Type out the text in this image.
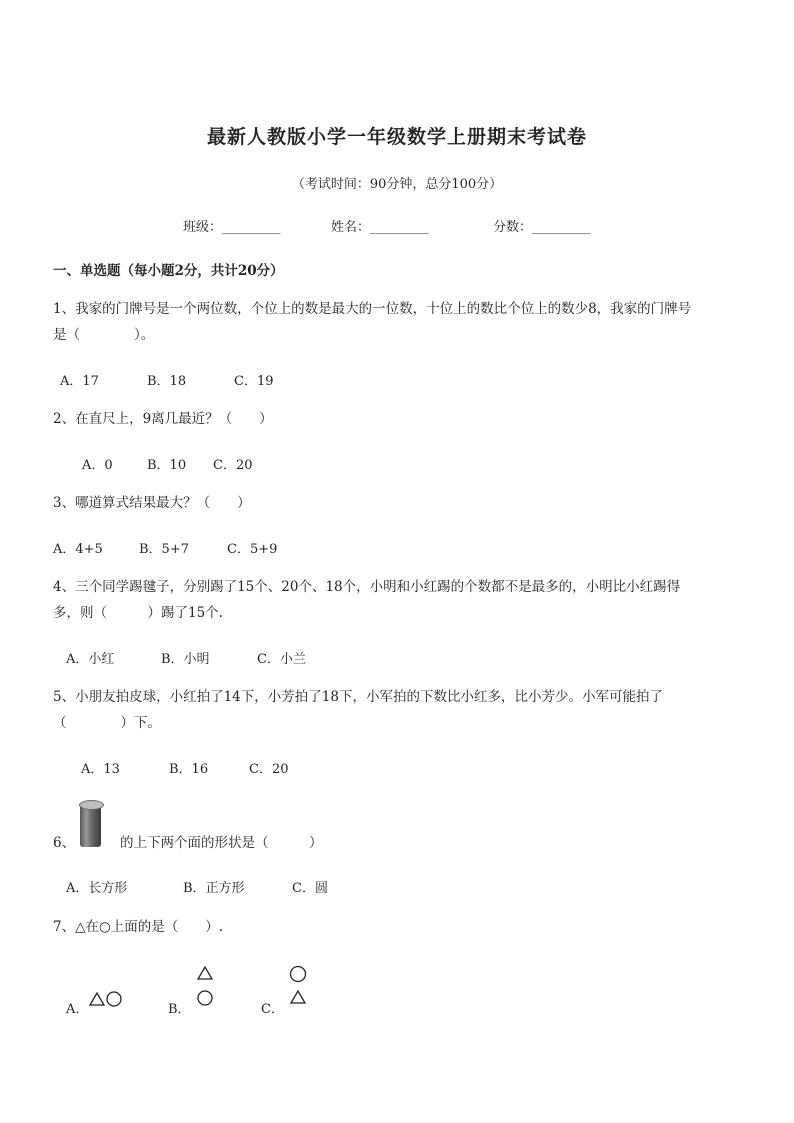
最新人教版小学一年级数学上册期末考试卷
（考试时间：90分钟，总分100分）
班级：_________	姓名：_________	分数：_________
一、单选题（每小题2分，共计20分）
1、我家的门牌号是一个两位数，个位上的数是最大的一位数，十位上的数比个位上的数少8，我家的门牌号
是（　　　　）。
A．17	B．18	C．19
2、在直尺上，9离几最近？（　　）
A．0	B．10 C．20
3、哪道算式结果最大？（　　）
A．4+5	B．5+7	C．5+9
4、三个同学踢毽子，分别踢了15个、20个、18个，小明和小红踢的个数都不是最多的，小明比小红踢得
多，则（　　　）踢了15个.
A．小红	B．小明	C．小兰
5、小朋友拍皮球，小红拍了14下，小芳拍了18下，小军拍的下数比小红多，比小芳少。小军可能拍了
（　　　　）下。
A．13	B．16	C．20
6、	的上下两个面的形状是（　　　）
A．长方形	B．正方形	C．圆
7、△在○上面的是（　　）.
A．	B．	C．
